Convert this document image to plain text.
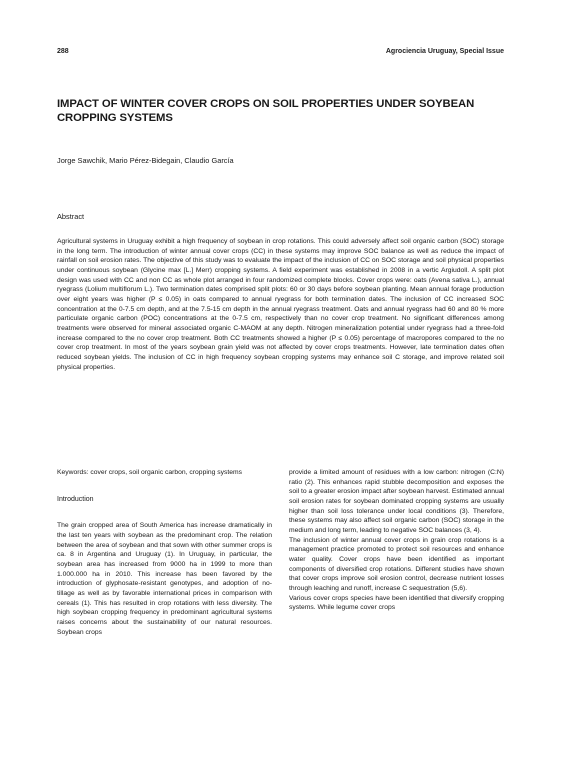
288	Agrociencia Uruguay, Special Issue
IMPACT OF WINTER COVER CROPS ON SOIL PROPERTIES UNDER SOYBEAN CROPPING SYSTEMS
Jorge Sawchik, Mario Pérez-Bidegain, Claudio García
Abstract

Agricultural systems in Uruguay exhibit a high frequency of soybean in crop rotations. This could adversely affect soil organic carbon (SOC) storage in the long term. The introduction of winter annual cover crops (CC) in these systems may improve SOC balance as well as reduce the impact of rainfall on soil erosion rates. The objective of this study was to evaluate the impact of the inclusion of CC on SOC storage and soil physical properties under continuous soybean (Glycine max [L.] Merr) cropping systems. A field experiment was established in 2008 in a vertic Argiudoll. A split plot design was used with CC and non CC as whole plot arranged in four randomized complete blocks. Cover crops were: oats (Avena sativa L.), annual ryegrass (Lolium multiflorum L.). Two termination dates comprised split plots: 60 or 30 days before soybean planting. Mean annual forage production over eight years was higher (P ≤ 0.05) in oats compared to annual ryegrass for both termination dates. The inclusion of CC increased SOC concentration at the 0-7.5 cm depth, and at the 7.5-15 cm depth in the annual ryegrass treatment. Oats and annual ryegrass had 60 and 80 % more particulate organic carbon (POC) concentrations at the 0-7.5 cm, respectively than no cover crop treatment. No significant differences among treatments were observed for mineral associated organic C-MAOM at any depth. Nitrogen mineralization potential under ryegrass had a three-fold increase compared to the no cover crop treatment. Both CC treatments showed a higher (P ≤ 0.05) percentage of macropores compared to the no cover crop treatment. In most of the years soybean grain yield was not affected by cover crops treatments. However, late termination dates often reduced soybean yields. The inclusion of CC in high frequency soybean cropping systems may enhance soil C storage, and improve related soil physical properties.

Keywords: cover crops, soil organic carbon, cropping systems

Introduction

The grain cropped area of South America has increase dramatically in the last ten years with soybean as the predominant crop. The relation between the area of soybean and that sown with other summer crops is ca. 8 in Argentina and Uruguay (1). In Uruguay, in particular, the soybean area has increased from 9000 ha in 1999 to more than 1.000.000 ha in 2010. This increase has been favored by the introduction of glyphosate-resistant genotypes, and adoption of no-tillage as well as by favorable international prices in comparison with cereals (1). This has resulted in crop rotations with less diversity. The high soybean cropping frequency in predominant agricultural systems raises concerns about the sustainability of our natural resources. Soybean crops

provide a limited amount of residues with a low carbon: nitrogen (C:N) ratio (2). This enhances rapid stubble decomposition and exposes the soil to a greater erosion impact after soybean harvest. Estimated annual soil erosion rates for soybean dominated cropping systems are usually higher than soil loss tolerance under local conditions (3). Therefore, these systems may also affect soil organic carbon (SOC) storage in the medium and long term, leading to negative SOC balances (3, 4).

The inclusion of winter annual cover crops in grain crop rotations is a management practice promoted to protect soil resources and enhance water quality. Cover crops have been identified as important components of diversified crop rotations. Different studies have shown that cover crops improve soil erosion control, decrease nutrient losses through leaching and runoff, increase C sequestration (5,6).

Various cover crops species have been identified that diversify cropping systems. While legume cover crops
